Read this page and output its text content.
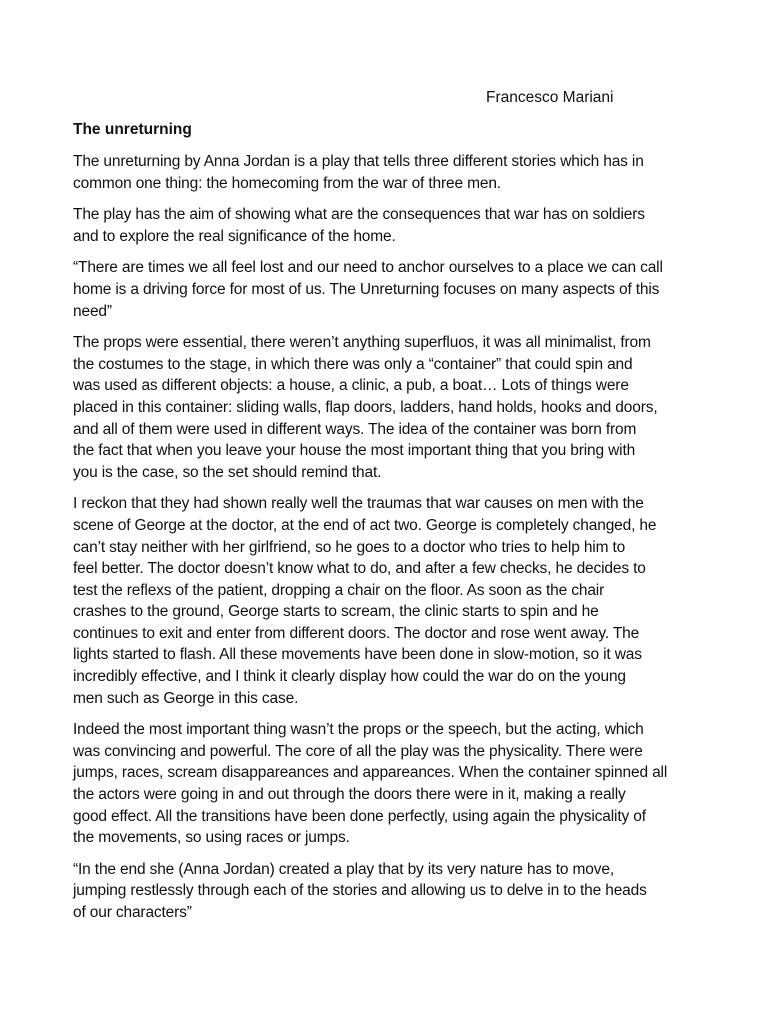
Francesco Mariani
The unreturning
The unreturning by Anna Jordan is a play that tells three different stories which has in
common one thing: the homecoming from the war of three men.
The play has the aim of showing what are the consequences that war has on soldiers
and to explore the real significance of the home.
“There are times we all feel lost and our need to anchor ourselves to a place we can call
home is a driving force for most of us. The Unreturning focuses on many aspects of this
need”
The props were essential, there weren’t anything superfluos, it was all minimalist, from
the costumes to the stage, in which there was only a “container” that could spin and
was used as different objects: a house, a clinic, a pub, a boat… Lots of things were
placed in this container: sliding walls, flap doors, ladders, hand holds, hooks and doors,
and all of them were used in different ways. The idea of the container was born from
the fact that when you leave your house the most important thing that you bring with
you is the case, so the set should remind that.
I reckon that they had shown really well the traumas that war causes on men with the
scene of George at the doctor, at the end of act two. George is completely changed, he
can’t stay neither with her girlfriend, so he goes to a doctor who tries to help him to
feel better. The doctor doesn’t know what to do, and after a few checks, he decides to
test the reflexs of the patient, dropping a chair on the floor. As soon as the chair
crashes to the ground, George starts to scream, the clinic starts to spin and he
continues to exit and enter from different doors. The doctor and rose went away. The
lights started to flash. All these movements have been done in slow-motion, so it was
incredibly effective, and I think it clearly display how could the war do on the young
men such as George in this case.
Indeed the most important thing wasn’t the props or the speech, but the acting, which
was convincing and powerful. The core of all the play was the physicality. There were
jumps, races, scream disappareances and appareances. When the container spinned all
the actors were going in and out through the doors there were in it, making a really
good effect. All the transitions have been done perfectly, using again the physicality of
the movements, so using races or jumps.
“In the end she (Anna Jordan) created a play that by its very nature has to move,
jumping restlessly through each of the stories and allowing us to delve in to the heads
of our characters”
